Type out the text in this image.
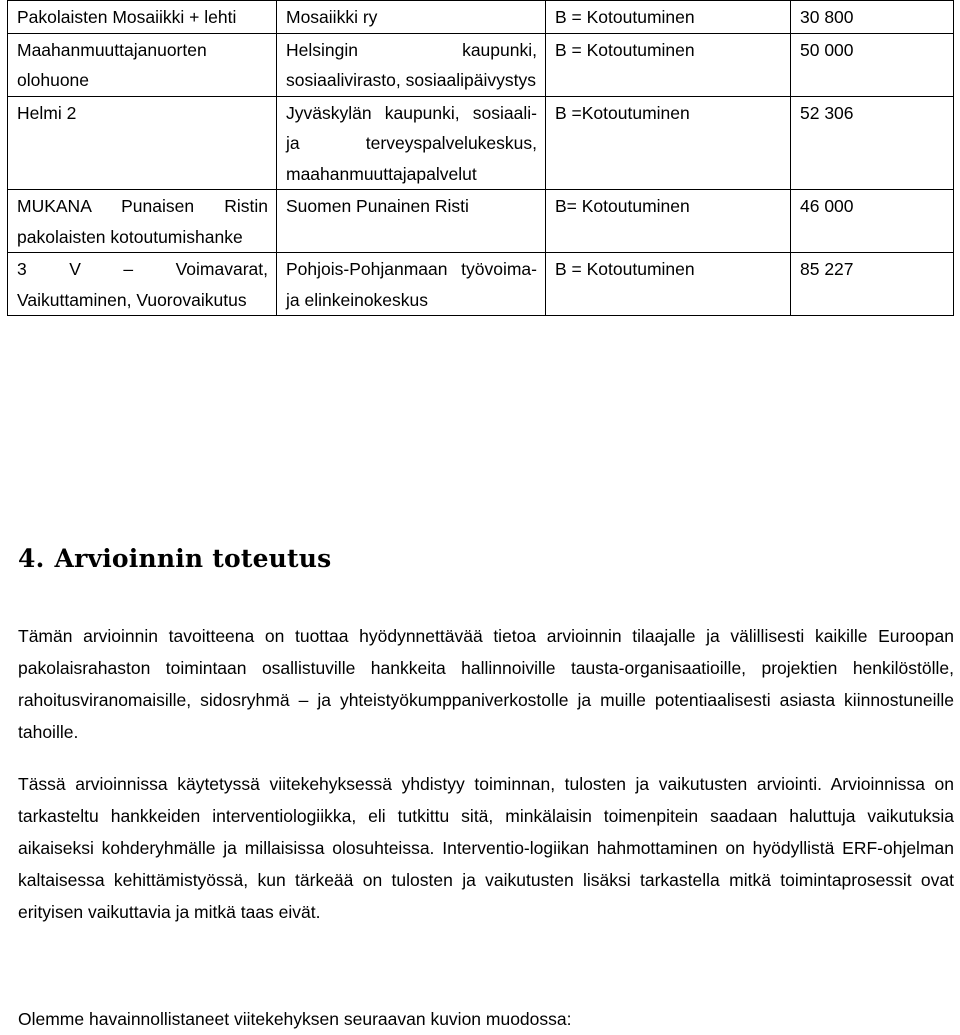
Pakolaisten Mosaiikki + lehti	Mosaiikki ry	B = Kotoutuminen	30 800
Maahanmuuttajanuorten olohuone	Helsingin kaupunki, sosiaalivirasto, sosiaalipäivystys	B = Kotoutuminen	50 000
Helmi 2	Jyväskylän kaupunki, sosiaali- ja terveyspalvelukeskus, maahanmuuttajapalvelut	B =Kotoutuminen	52 306
MUKANA Punaisen Ristin pakolaisten kotoutumishanke	Suomen Punainen Risti	B= Kotoutuminen	46 000
3 V – Voimavarat, Vaikuttaminen, Vuorovaikutus	Pohjois-Pohjanmaan työvoima- ja elinkeinokeskus	B = Kotoutuminen	85 227
4. Arvioinnin toteutus

Tämän arvioinnin tavoitteena on tuottaa hyödynnettävää tietoa arvioinnin tilaajalle ja välillisesti kaikille Euroopan pakolaisrahaston toimintaan osallistuville hankkeita hallinnoiville tausta-organisaatioille, projektien henkilöstölle, rahoitusviranomaisille, sidosryhmä – ja yhteistyökumppaniverkostolle ja muille potentiaalisesti asiasta kiinnostuneille tahoille.

Tässä arvioinnissa käytetyssä viitekehyksessä yhdistyy toiminnan, tulosten ja vaikutusten arviointi. Arvioinnissa on tarkasteltu hankkeiden interventiologiikka, eli tutkittu sitä, minkälaisin toimenpitein saadaan haluttuja vaikutuksia aikaiseksi kohderyhmälle ja millaisissa olosuhteissa. Interventio-logiikan hahmottaminen on hyödyllistä ERF-ohjelman kaltaisessa kehittämistyössä, kun tärkeää on tulosten ja vaikutusten lisäksi tarkastella mitkä toimintaprosessit ovat erityisen vaikuttavia ja mitkä taas eivät.

Olemme havainnollistaneet viitekehyksen seuraavan kuvion muodossa:
